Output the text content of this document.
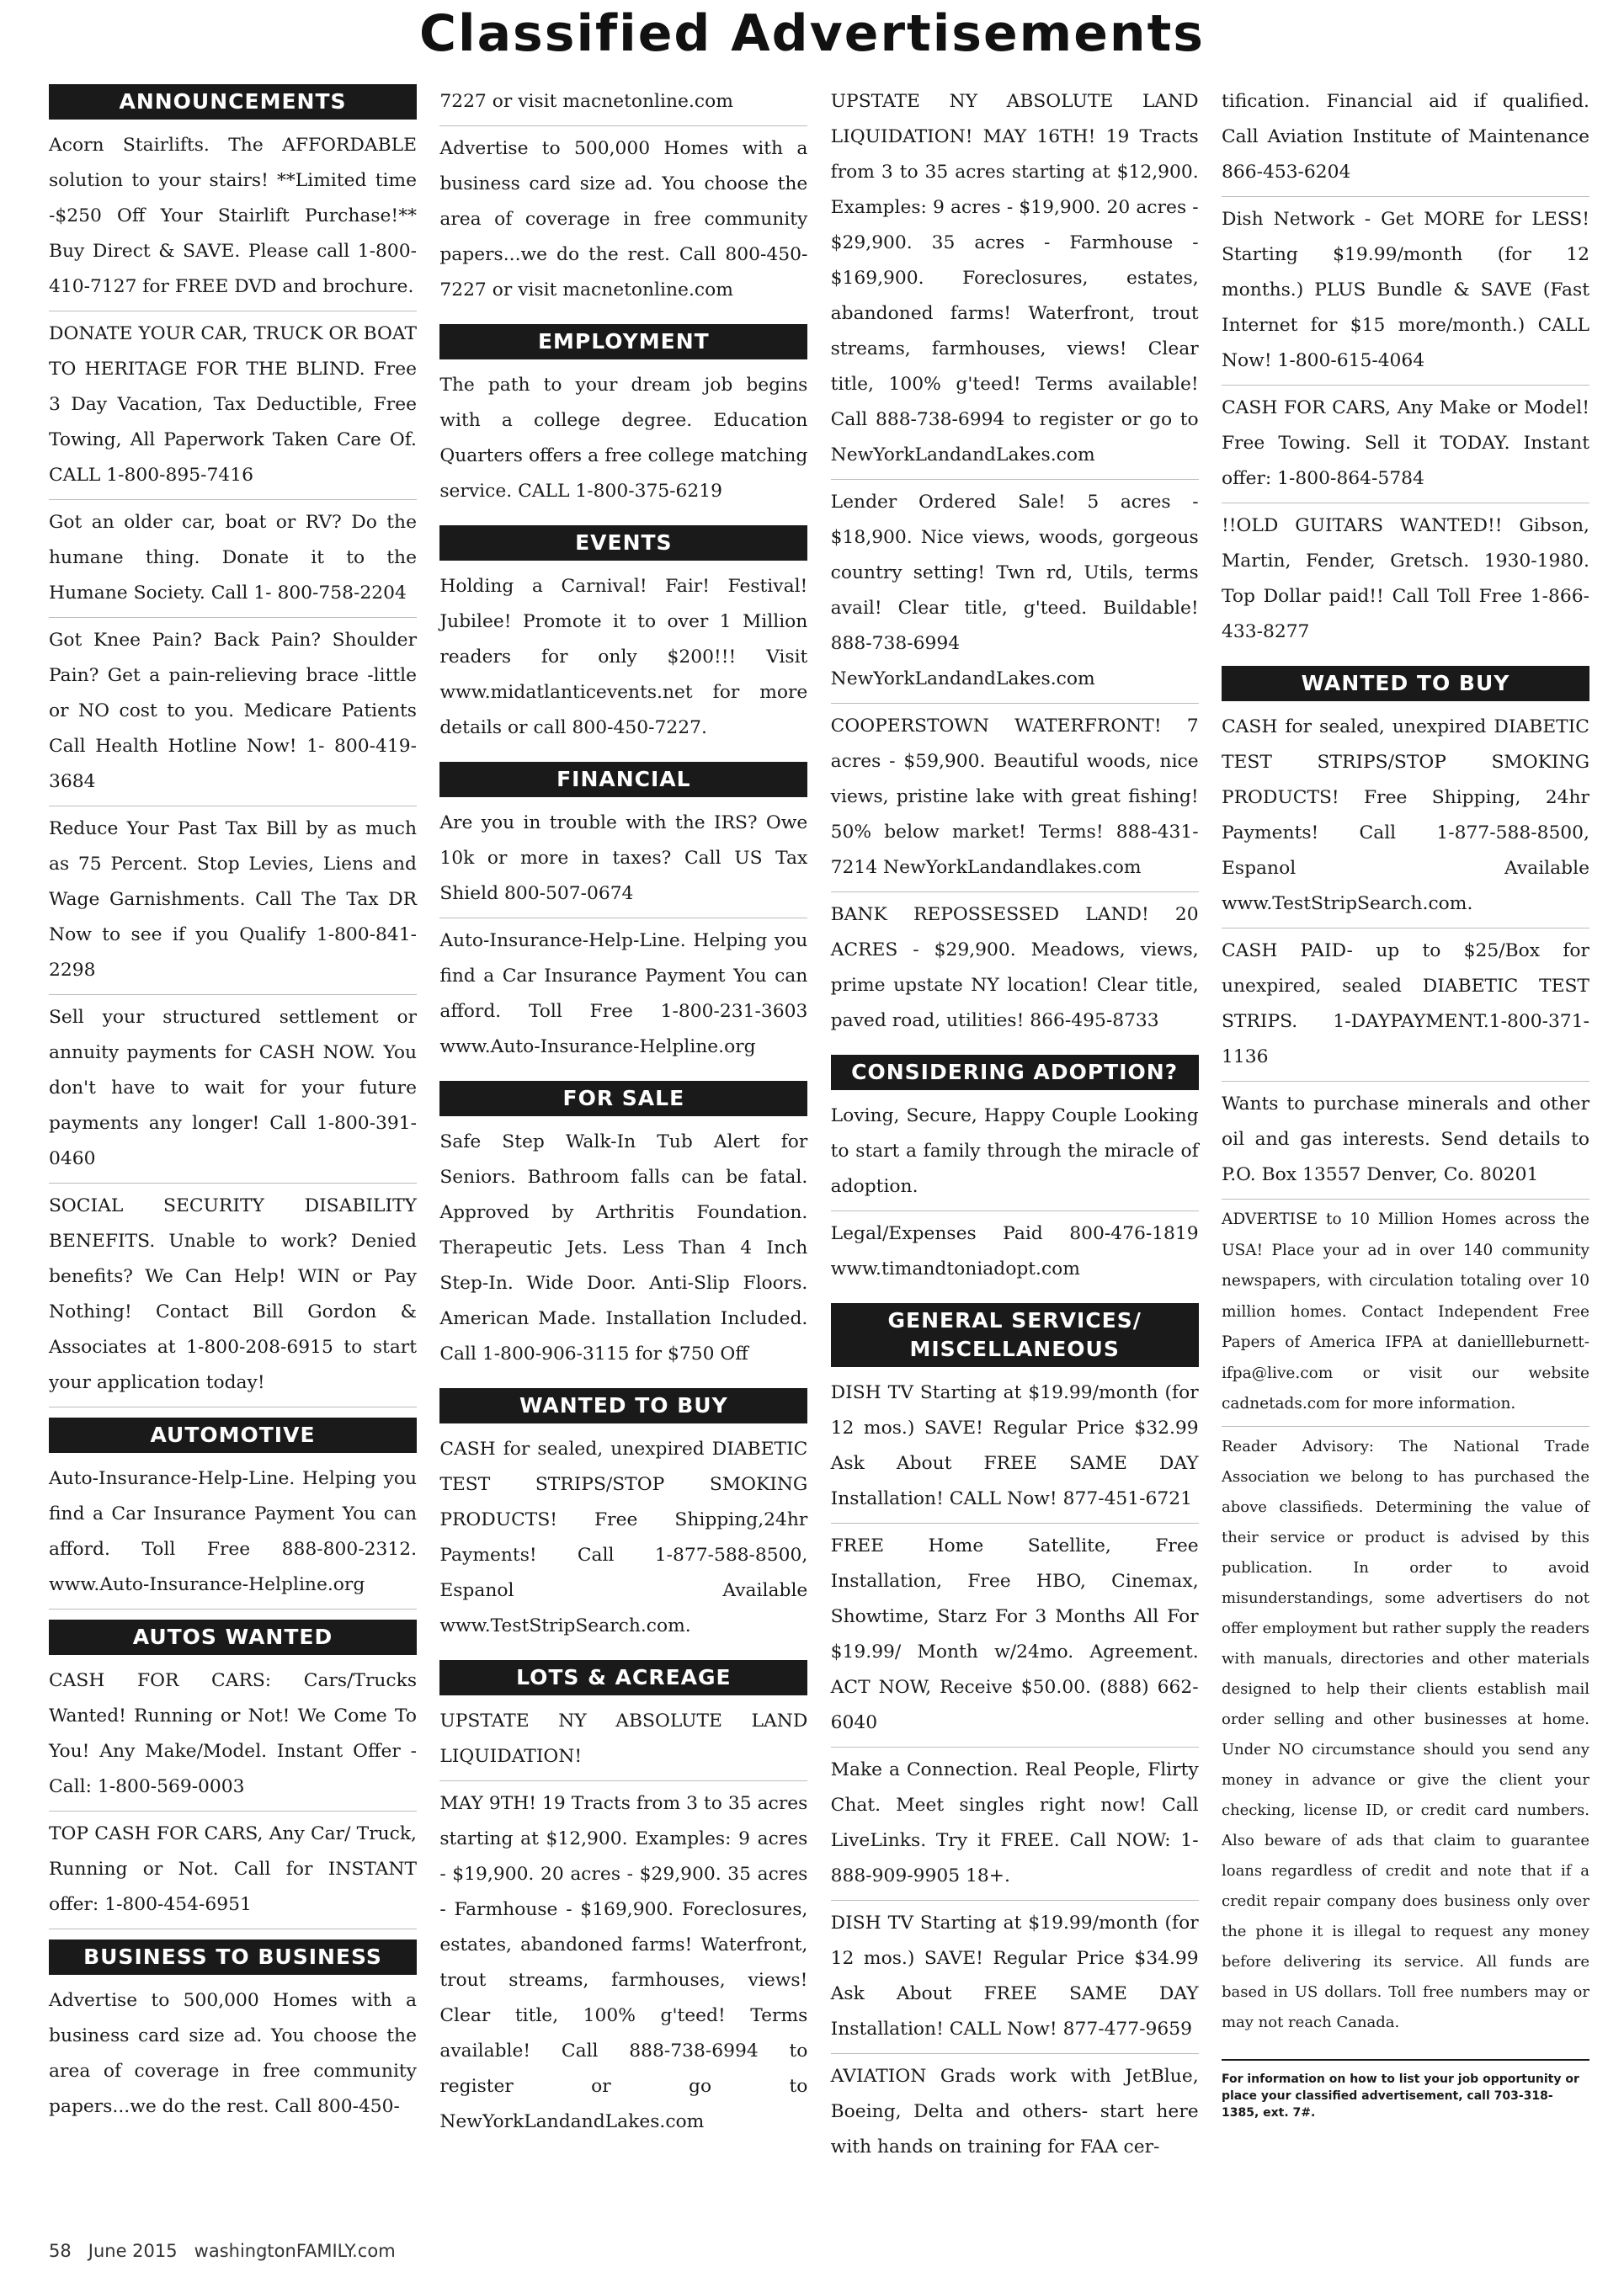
Classified Advertisements
ANNOUNCEMENTS
Acorn Stairlifts. The AFFORDABLE solution to your stairs! **Limited time -$250 Off Your Stairlift Purchase!** Buy Direct & SAVE. Please call 1-800-410-7127 for FREE DVD and brochure.
DONATE YOUR CAR, TRUCK OR BOAT TO HERITAGE FOR THE BLIND. Free 3 Day Vacation, Tax Deductible, Free Towing, All Paperwork Taken Care Of. CALL 1-800-895-7416
Got an older car, boat or RV? Do the humane thing. Donate it to the Humane Society. Call 1- 800-758-2204
Got Knee Pain? Back Pain? Shoulder Pain? Get a pain-relieving brace -little or NO cost to you. Medicare Patients Call Health Hotline Now! 1- 800-419-3684
Reduce Your Past Tax Bill by as much as 75 Percent. Stop Levies, Liens and Wage Garnishments. Call The Tax DR Now to see if you Qualify 1-800-841-2298
Sell your structured settlement or annuity payments for CASH NOW. You don't have to wait for your future payments any longer! Call 1-800-391-0460
SOCIAL SECURITY DISABILITY BENEFITS. Unable to work? Denied benefits? We Can Help! WIN or Pay Nothing! Contact Bill Gordon & Associates at 1-800-208-6915 to start your application today!
AUTOMOTIVE
Auto-Insurance-Help-Line. Helping you find a Car Insurance Payment You can afford. Toll Free 888-800-2312. www.Auto-Insurance-Helpline.org
AUTOS WANTED
CASH FOR CARS: Cars/Trucks Wanted! Running or Not! We Come To You! Any Make/Model. Instant Offer - Call: 1-800-569-0003
TOP CASH FOR CARS, Any Car/ Truck, Running or Not. Call for INSTANT offer: 1-800-454-6951
BUSINESS TO BUSINESS
Advertise to 500,000 Homes with a business card size ad. You choose the area of coverage in free community papers...we do the rest. Call 800-450-
7227 or visit macnetonline.com
Advertise to 500,000 Homes with a business card size ad. You choose the area of coverage in free community papers...we do the rest. Call 800-450-7227 or visit macnetonline.com
EMPLOYMENT
The path to your dream job begins with a college degree. Education Quarters offers a free college matching service. CALL 1-800-375-6219
EVENTS
Holding a Carnival! Fair! Festival! Jubilee! Promote it to over 1 Million readers for only $200!!! Visit www.midatlanticevents.net for more details or call 800-450-7227.
FINANCIAL
Are you in trouble with the IRS? Owe 10k or more in taxes? Call US Tax Shield 800-507-0674
Auto-Insurance-Help-Line. Helping you find a Car Insurance Payment You can afford. Toll Free 1-800-231-3603 www.Auto-Insurance-Helpline.org
FOR SALE
Safe Step Walk-In Tub Alert for Seniors. Bathroom falls can be fatal. Approved by Arthritis Foundation. Therapeutic Jets. Less Than 4 Inch Step-In. Wide Door. Anti-Slip Floors. American Made. Installation Included. Call 1-800-906-3115 for $750 Off
WANTED TO BUY
CASH for sealed, unexpired DIABETIC TEST STRIPS/STOP SMOKING PRODUCTS! Free Shipping,24hr Payments! Call 1-877-588-8500, Espanol Available www.TestStripSearch.com.
LOTS & ACREAGE
UPSTATE NY ABSOLUTE LAND LIQUIDATION!
MAY 9TH! 19 Tracts from 3 to 35 acres starting at $12,900. Examples: 9 acres - $19,900. 20 acres - $29,900. 35 acres - Farmhouse - $169,900. Foreclosures, estates, abandoned farms! Waterfront, trout streams, farmhouses, views! Clear title, 100% g'teed! Terms available! Call 888-738-6994 to register or go to NewYorkLandandLakes.com
UPSTATE NY ABSOLUTE LAND LIQUIDATION! MAY 16TH! 19 Tracts from 3 to 35 acres starting at $12,900. Examples: 9 acres - $19,900. 20 acres - $29,900. 35 acres - Farmhouse - $169,900. Foreclosures, estates, abandoned farms! Waterfront, trout streams, farmhouses, views! Clear title, 100% g'teed! Terms available! Call 888-738-6994 to register or go to NewYorkLandandLakes.com
Lender Ordered Sale! 5 acres - $18,900. Nice views, woods, gorgeous country setting! Twn rd, Utils, terms avail! Clear title, g'teed. Buildable! 888-738-6994 NewYorkLandandLakes.com
COOPERSTOWN WATERFRONT! 7 acres - $59,900. Beautiful woods, nice views, pristine lake with great fishing! 50% below market! Terms! 888-431-7214 NewYorkLandandlakes.com
BANK REPOSSESSED LAND! 20 ACRES - $29,900. Meadows, views, prime upstate NY location! Clear title, paved road, utilities! 866-495-8733
CONSIDERING ADOPTION?
Loving, Secure, Happy Couple Looking to start a family through the miracle of adoption.
Legal/Expenses Paid 800-476-1819 www.timandtoniadopt.com
GENERAL SERVICES/ MISCELLANEOUS
DISH TV Starting at $19.99/month (for 12 mos.) SAVE! Regular Price $32.99 Ask About FREE SAME DAY Installation! CALL Now! 877-451-6721
FREE Home Satellite, Free Installation, Free HBO, Cinemax, Showtime, Starz For 3 Months All For $19.99/ Month w/24mo. Agreement. ACT NOW, Receive $50.00. (888) 662-6040
Make a Connection. Real People, Flirty Chat. Meet singles right now! Call LiveLinks. Try it FREE. Call NOW: 1-888-909-9905 18+.
DISH TV Starting at $19.99/month (for 12 mos.) SAVE! Regular Price $34.99 Ask About FREE SAME DAY Installation! CALL Now! 877-477-9659
AVIATION Grads work with JetBlue, Boeing, Delta and others- start here with hands on training for FAA cer-
tification. Financial aid if qualified. Call Aviation Institute of Maintenance 866-453-6204
Dish Network - Get MORE for LESS! Starting $19.99/month (for 12 months.) PLUS Bundle & SAVE (Fast Internet for $15 more/month.) CALL Now! 1-800-615-4064
CASH FOR CARS, Any Make or Model! Free Towing. Sell it TODAY. Instant offer: 1-800-864-5784
!!OLD GUITARS WANTED!! Gibson, Martin, Fender, Gretsch. 1930-1980. Top Dollar paid!! Call Toll Free 1-866-433-8277
WANTED TO BUY
CASH for sealed, unexpired DIABETIC TEST STRIPS/STOP SMOKING PRODUCTS! Free Shipping, 24hr Payments! Call 1-877-588-8500, Espanol Available www.TestStripSearch.com.
CASH PAID- up to $25/Box for unexpired, sealed DIABETIC TEST STRIPS. 1-DAYPAYMENT.1-800-371-1136
Wants to purchase minerals and other oil and gas interests. Send details to P.O. Box 13557 Denver, Co. 80201
ADVERTISE to 10 Million Homes across the USA! Place your ad in over 140 community newspapers, with circulation totaling over 10 million homes. Contact Independent Free Papers of America IFPA at daniellleburnett-ifpa@live.com or visit our website cadnetads.com for more information.
Reader Advisory: The National Trade Association we belong to has purchased the above classifieds. Determining the value of their service or product is advised by this publication. In order to avoid misunderstandings, some advertisers do not offer employment but rather supply the readers with manuals, directories and other materials designed to help their clients establish mail order selling and other businesses at home. Under NO circumstance should you send any money in advance or give the client your checking, license ID, or credit card numbers. Also beware of ads that claim to guarantee loans regardless of credit and note that if a credit repair company does business only over the phone it is illegal to request any money before delivering its service. All funds are based in US dollars. Toll free numbers may or may not reach Canada.
For information on how to list your job opportunity or place your classified advertisement, call 703-318-1385, ext. 7#.
58 June 2015 washingtonFAMILY.com
